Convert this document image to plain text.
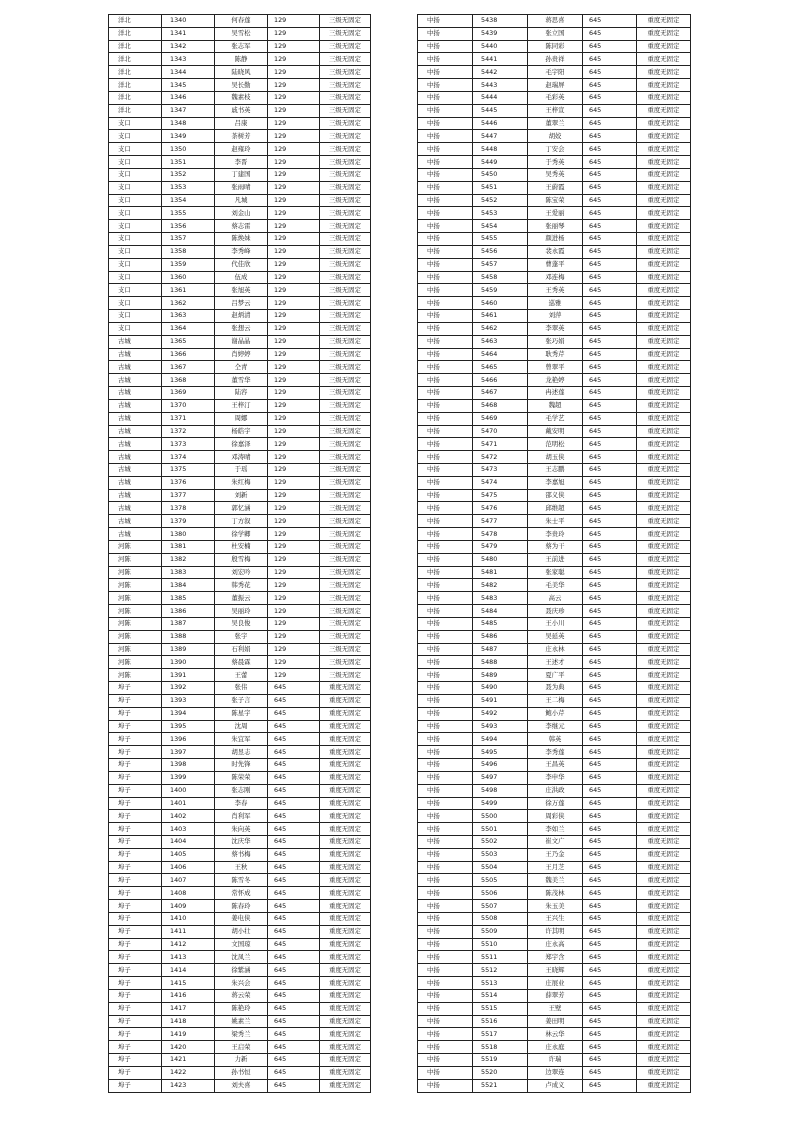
洋北	1340	何春莲	129	三级无固定
洋北	1341	吴雪松	129	三级无固定
洋北	1342	张志军	129	三级无固定
洋北	1343	陈静	129	三级无固定
洋北	1344	陆晓风	129	三级无固定
洋北	1345	吴长勤	129	三级无固定
洋北	1346	魏素枝	129	三级无固定
洋北	1347	戚书英	129	三级无固定
支口	1348	吕康	129	三级无固定
支口	1349	茶树芳	129	三级无固定
支口	1350	赵雍玲	129	三级无固定
支口	1351	李晋	129	三级无固定
支口	1352	丁建国	129	三级无固定
支口	1353	张雨晴	129	三级无固定
支口	1354	凡城	129	三级无固定
支口	1355	刘金山	129	三级无固定
支口	1356	蔡志雷	129	三级无固定
支口	1357	陈焕妹	129	三级无固定
支口	1358	李秀峰	129	三级无固定
支口	1359	代佳欣	129	三级无固定
支口	1360	伍成	129	三级无固定
支口	1361	张旭英	129	三级无固定
支口	1362	吕梦云	129	三级无固定
支口	1363	赵炳清	129	三级无固定
支口	1364	张想云	129	三级无固定
古城	1365	谢晶晶	129	三级无固定
古城	1366	肖婷婷	129	三级无固定
古城	1367	仝青	129	三级无固定
古城	1368	董雪华	129	三级无固定
古城	1369	陆容	129	三级无固定
古城	1370	王梓汀	129	三级无固定
古城	1371	周娜	129	三级无固定
古城	1372	杨皓宇	129	三级无固定
古城	1373	徐嘉泽	129	三级无固定
古城	1374	邓涛晴	129	三级无固定
古城	1375	于瑶	129	三级无固定
古城	1376	朱红梅	129	三级无固定
古城	1377	刘新	129	三级无固定
古城	1378	郭忆涵	129	三级无固定
古城	1379	丁方叙	129	三级无固定
古城	1380	徐学卿	129	三级无固定
河陈	1381	杜安楠	129	三级无固定
河陈	1382	殷雪梅	129	三级无固定
河陈	1383	刘宏吟	129	三级无固定
河陈	1384	韩秀花	129	三级无固定
河陈	1385	董振云	129	三级无固定
河陈	1386	吴丽玲	129	三级无固定
河陈	1387	吴良俊	129	三级无固定
河陈	1388	张宇	129	三级无固定
河陈	1389	石利娟	129	三级无固定
河陈	1390	蔡晨霖	129	三级无固定
河陈	1391	王蕾	129	三级无固定
埠子	1392	张伟	645	重度无固定
埠子	1393	张子言	645	重度无固定
埠子	1394	陈星宇	645	重度无固定
埠子	1395	沈周	645	重度无固定
埠子	1396	朱宜军	645	重度无固定
埠子	1397	胡昱志	645	重度无固定
埠子	1398	时先锋	645	重度无固定
埠子	1399	陈荣荣	645	重度无固定
埠子	1400	张志刚	645	重度无固定
埠子	1401	李春	645	重度无固定
埠子	1402	肖利军	645	重度无固定
埠子	1403	朱向英	645	重度无固定
埠子	1404	沈庆华	645	重度无固定
埠子	1405	蔡书梅	645	重度无固定
埠子	1406	王秋	645	重度无固定
埠子	1407	陈雪冬	645	重度无固定
埠子	1408	常怀成	645	重度无固定
埠子	1409	陈春玲	645	重度无固定
埠子	1410	姜电侠	645	重度无固定
埠子	1411	胡小壮	645	重度无固定
埠子	1412	文国琼	645	重度无固定
埠子	1413	沈凤兰	645	重度无固定
埠子	1414	徐紫涵	645	重度无固定
埠子	1415	朱兴会	645	重度无固定
埠子	1416	蒋云荣	645	重度无固定
埠子	1417	陈艳玲	645	重度无固定
埠子	1418	姚素兰	645	重度无固定
埠子	1419	梁秀兰	645	重度无固定
埠子	1420	王启荣	645	重度无固定
埠子	1421	力新	645	重度无固定
埠子	1422	孙书恒	645	重度无固定
埠子	1423	刘夫喜	645	重度无固定
中扬	5438	蒋思喜	645	重度无固定
中扬	5439	张立国	645	重度无固定
中扬	5440	陈同彩	645	重度无固定
中扬	5441	孙贵祥	645	重度无固定
中扬	5442	毛宇阳	645	重度无固定
中扬	5443	赵瑞屏	645	重度无固定
中扬	5444	毛彩英	645	重度无固定
中扬	5445	王梓宣	645	重度无固定
中扬	5446	董翠兰	645	重度无固定
中扬	5447	胡姣	645	重度无固定
中扬	5448	丁安会	645	重度无固定
中扬	5449	于秀英	645	重度无固定
中扬	5450	吴秀英	645	重度无固定
中扬	5451	王蔚霞	645	重度无固定
中扬	5452	陈宝荣	645	重度无固定
中扬	5453	王爱丽	645	重度无固定
中扬	5454	张丽琴	645	重度无固定
中扬	5455	颜进杨	645	重度无固定
中扬	5456	裴永霞	645	重度无固定
中扬	5457	曹蓬平	645	重度无固定
中扬	5458	邓连梅	645	重度无固定
中扬	5459	王秀英	645	重度无固定
中扬	5460	巡雅	645	重度无固定
中扬	5461	刘萍	645	重度无固定
中扬	5462	李翠英	645	重度无固定
中扬	5463	张巧娟	645	重度无固定
中扬	5464	耿秀芹	645	重度无固定
中扬	5465	曾翠平	645	重度无固定
中扬	5466	龙艳婷	645	重度无固定
中扬	5467	冉述莲	645	重度无固定
中扬	5468	魏超	645	重度无固定
中扬	5469	毛学艺	645	重度无固定
中扬	5470	戴安明	645	重度无固定
中扬	5471	范明松	645	重度无固定
中扬	5472	胡玉侠	645	重度无固定
中扬	5473	王志鹏	645	重度无固定
中扬	5474	李嘉旭	645	重度无固定
中扬	5475	邵义侠	645	重度无固定
中扬	5476	邱维超	645	重度无固定
中扬	5477	朱士平	645	重度无固定
中扬	5478	李贵玲	645	重度无固定
中扬	5479	蔡为干	645	重度无固定
中扬	5480	王前进	645	重度无固定
中扬	5481	张家聪	645	重度无固定
中扬	5482	毛美华	645	重度无固定
中扬	5483	高云	645	重度无固定
中扬	5484	聂庆珍	645	重度无固定
中扬	5485	王小川	645	重度无固定
中扬	5486	吴延英	645	重度无固定
中扬	5487	庄永林	645	重度无固定
中扬	5488	王述才	645	重度无固定
中扬	5489	夏广平	645	重度无固定
中扬	5490	聂为典	645	重度无固定
中扬	5491	王二梅	645	重度无固定
中扬	5492	鲍小芹	645	重度无固定
中扬	5493	李继元	645	重度无固定
中扬	5494	韩英	645	重度无固定
中扬	5495	李秀莲	645	重度无固定
中扬	5496	王昌英	645	重度无固定
中扬	5497	李申华	645	重度无固定
中扬	5498	庄洪政	645	重度无固定
中扬	5499	徐万莲	645	重度无固定
中扬	5500	周彩侠	645	重度无固定
中扬	5501	李如兰	645	重度无固定
中扬	5502	崔文广	645	重度无固定
中扬	5503	王乃金	645	重度无固定
中扬	5504	王月芝	645	重度无固定
中扬	5505	魏美兰	645	重度无固定
中扬	5506	陈茂林	645	重度无固定
中扬	5507	朱玉美	645	重度无固定
中扬	5508	王兴生	645	重度无固定
中扬	5509	许其明	645	重度无固定
中扬	5510	庄永高	645	重度无固定
中扬	5511	郑宇含	645	重度无固定
中扬	5512	王晓辉	645	重度无固定
中扬	5513	庄展业	645	重度无固定
中扬	5514	薛翠芳	645	重度无固定
中扬	5515	王壁	645	重度无固定
中扬	5516	姜田明	645	重度无固定
中扬	5517	林云华	645	重度无固定
中扬	5518	庄永庭	645	重度无固定
中扬	5519	许瑞	645	重度无固定
中扬	5520	边翠连	645	重度无固定
中扬	5521	卢成义	645	重度无固定
